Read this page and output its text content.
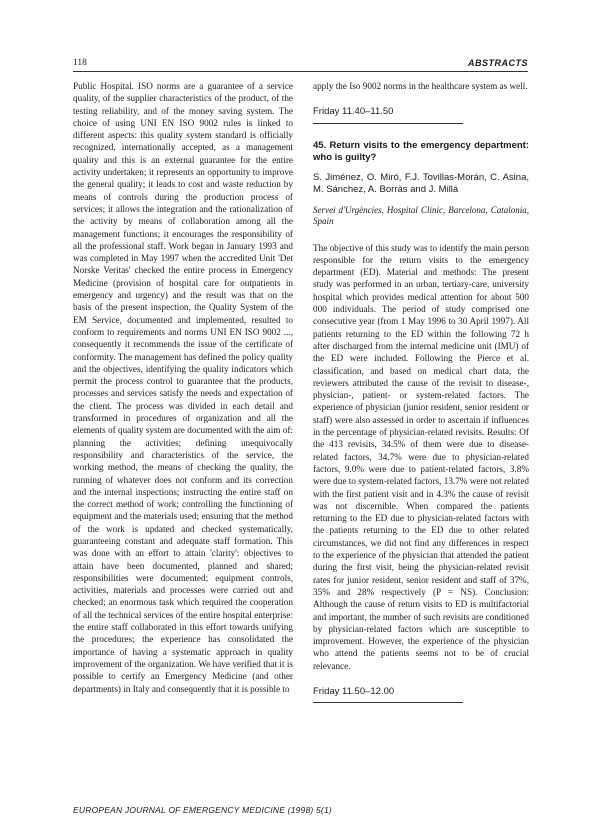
118	ABSTRACTS

Public Hospital. ISO norms are a guarantee of a service quality, of the supplier characteristics of the product, of the testing reliability, and of the money saving system. The choice of using UNI EN ISO 9002 rules is linked to different aspects: this quality system standard is officially recognized, internationally accepted, as a management quality and this is an external guarantee for the entire activity undertaken; it represents an opportunity to improve the general quality; it leads to cost and waste reduction by means of controls during the production process of services; it allows the integration and the rationalization of the activity by means of collaboration among all the management functions; it encourages the responsibility of all the professional staff. Work began in January 1993 and was completed in May 1997 when the accredited Unit 'Det Norske Veritas' checked the entire process in Emergency Medicine (provision of hospital care for outpatients in emergency and urgency) and the result was that on the basis of the present inspection, the Quality System of the EM Service, documented and implemented, resulted to conform to requirements and norms UNI EN ISO 9002 ..., consequently it recommends the issue of the certificate of conformity. The management has defined the policy quality and the objectives, identifying the quality indicators which permit the process control to guarantee that the products, processes and services satisfy the needs and expectation of the client. The process was divided in each detail and transformed in procedures of organization and all the elements of quality system are documented with the aim of: planning the activities; defining unequivocally responsibility and characteristics of the service, the working method, the means of checking the quality, the running of whatever does not conform and its correction and the internal inspections; instructing the entire staff on the correct method of work; controlling the functioning of equipment and the materials used; ensuring that the method of the work is updated and checked systematically, guaranteeing constant and adequate staff formation. This was done with an effort to attain 'clarity': objectives to attain have been documented, planned and shared; responsibilities were documented; equipment controls, activities, materials and processes were carried out and checked; an enormous task which required the cooperation of all the technical services of the entire hospital enterprise: the entire staff collaborated in this effort towards unifying the procedures; the experience has consolidated the importance of having a systematic approach in quality improvement of the organization. We have verified that it is possible to certify an Emergency Medicine (and other departments) in Italy and consequently that it is possible to

apply the Iso 9002 norms in the healthcare system as well.

Friday 11.40–11.50
45. Return visits to the emergency department: who is guilty?
S. Jiménez, O. Miró, F.J. Tovillas-Morán, C. Asina, M. Sánchez, A. Borràs and J. Millá
Servei d'Urgències, Hospital Clínic, Barcelona, Catalonia, Spain

The objective of this study was to identify the main person responsible for the return visits to the emergency department (ED). Material and methods: The present study was performed in an urban, tertiary-care, university hospital which provides medical attention for about 500 000 individuals. The period of study comprised one consecutive year (from 1 May 1996 to 30 April 1997). All patients returning to the ED within the following 72 h after discharged from the internal medicine unit (IMU) of the ED were included. Following the Pierce et al. classification, and based on medical chart data, the reviewers attributed the cause of the revisit to disease-, physician-, patient- or system-related factors. The experience of physician (junior resident, senior resident or staff) were also assessed in order to ascertain if influences in the percentage of physician-related revisits. Results: Of the 413 revisits, 34.5% of them were due to disease-related factors, 34.7% were due to physician-related factors, 9.0% were due to patient-related factors, 3.8% were due to system-related factors, 13.7% were not related with the first patient visit and in 4.3% the cause of revisit was not discernible. When compared the patients returning to the ED due to physician-related factors with the patients returning to the ED due to other related circumstances, we did not find any differences in respect to the experience of the physician that attended the patient during the first visit, being the physician-related revisit rates for junior resident, senior resident and staff of 37%, 35% and 28% respectively (P = NS). Conclusion: Although the cause of return visits to ED is multifactorial and important, the number of such revisits are conditioned by physician-related factors which are susceptible to improvement. However, the experience of the physician who attend the patients seems not to be of crucial relevance.

Friday 11.50–12.00
EUROPEAN JOURNAL OF EMERGENCY MEDICINE (1998) 5(1)
